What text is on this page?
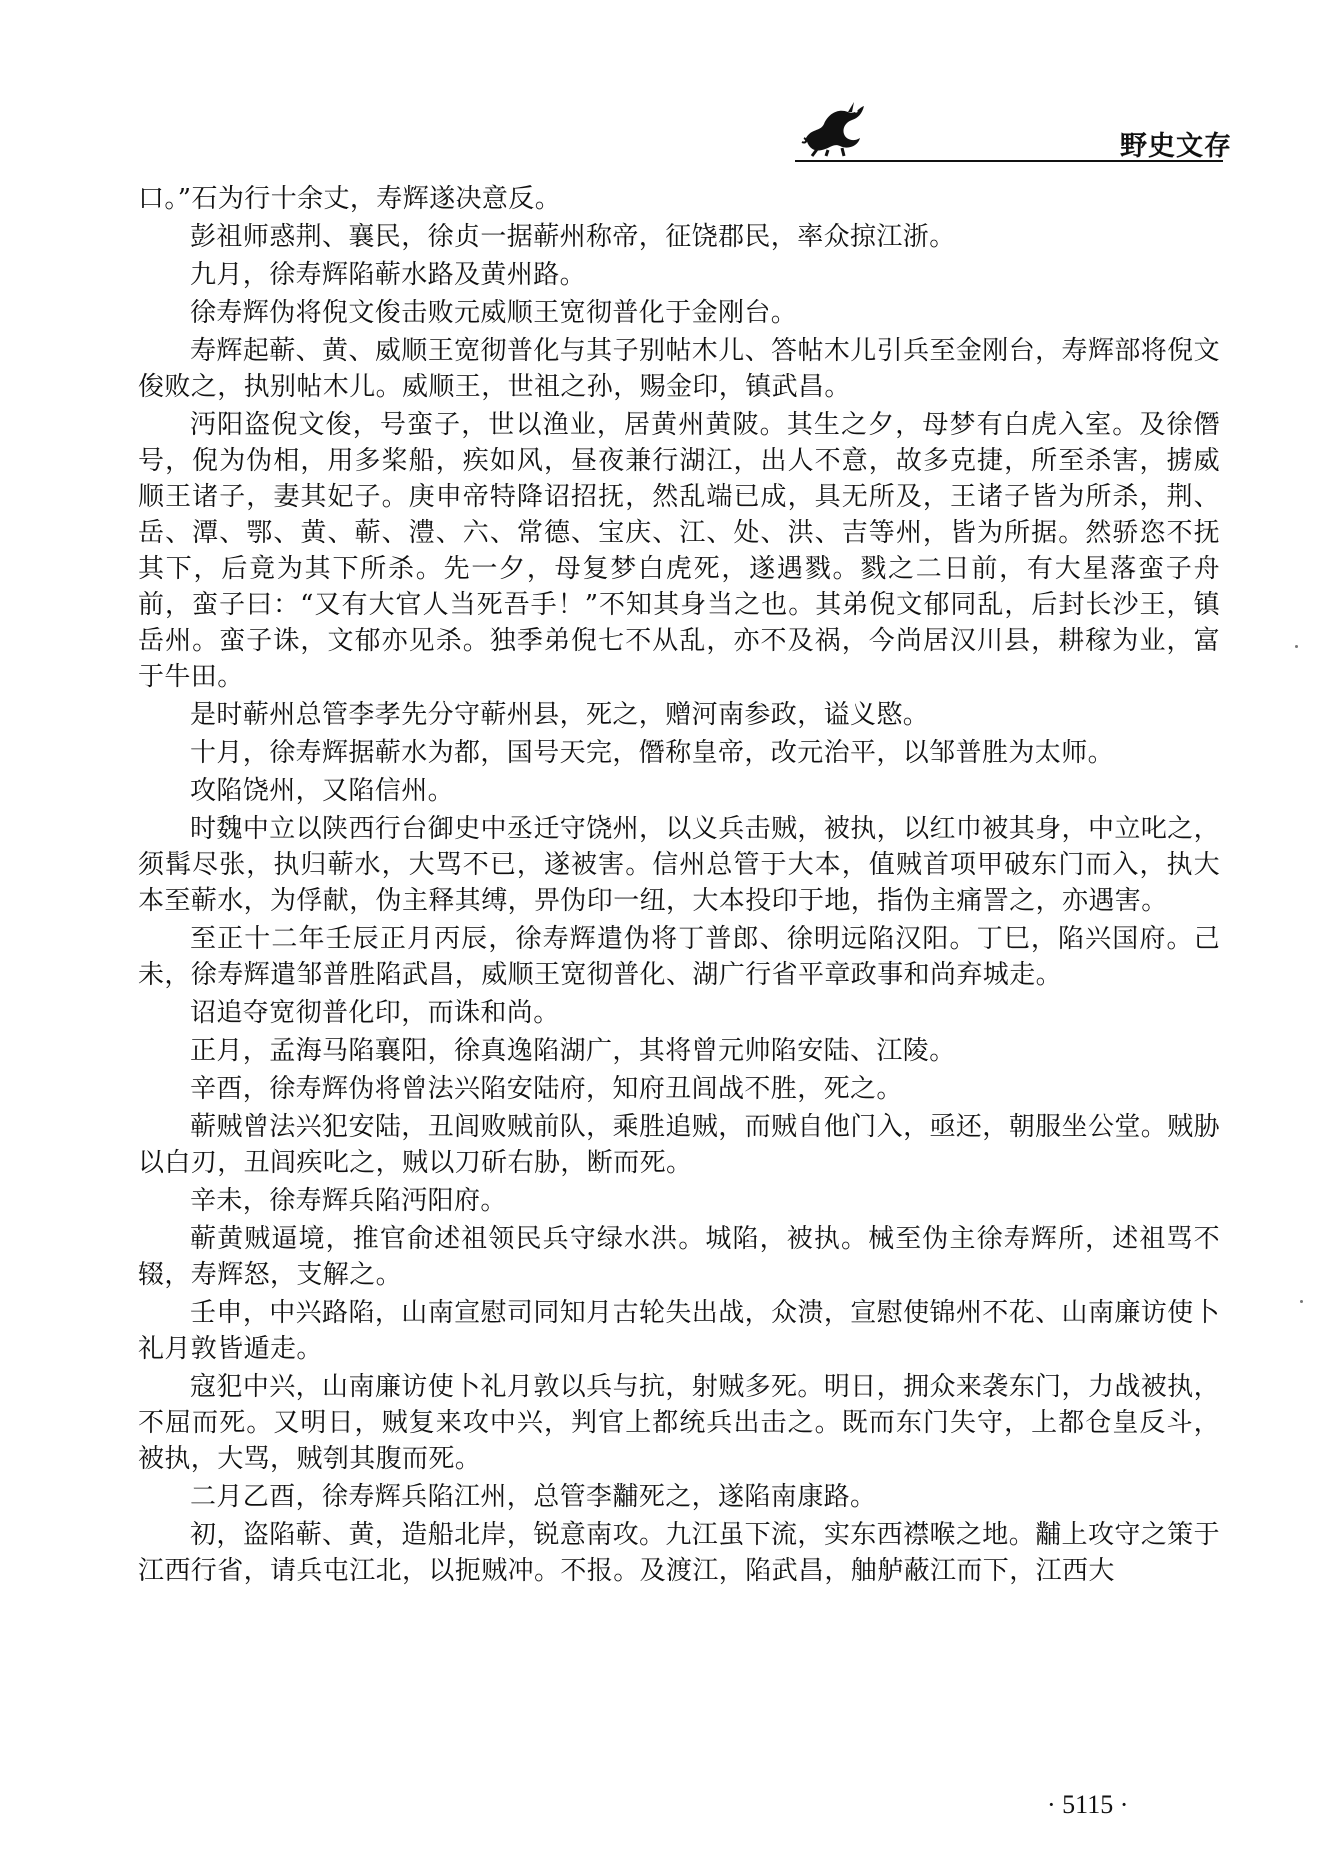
野史文存

口。”石为行十余丈，寿辉遂决意反。

彭祖师惑荆、襄民，徐贞一据蕲州称帝，征饶郡民，率众掠江浙。

九月，徐寿辉陷蕲水路及黄州路。

徐寿辉伪将倪文俊击败元威顺王宽彻普化于金刚台。

寿辉起蕲、黄、威顺王宽彻普化与其子别帖木儿、答帖木儿引兵至金刚台，寿辉部将倪文俊败之，执别帖木儿。威顺王，世祖之孙，赐金印，镇武昌。

沔阳盗倪文俊，号蛮子，世以渔业，居黄州黄陂。其生之夕，母梦有白虎入室。及徐僭号，倪为伪相，用多桨船，疾如风，昼夜兼行湖江，出人不意，故多克捷，所至杀害，掳威顺王诸子，妻其妃子。庚申帝特降诏招抚，然乱端已成，具无所及，王诸子皆为所杀，荆、岳、潭、鄂、黄、蕲、澧、六、常德、宝庆、江、处、洪、吉等州，皆为所据。然骄恣不抚其下，后竟为其下所杀。先一夕，母复梦白虎死，遂遇戮。戮之二日前，有大星落蛮子舟前，蛮子曰：“又有大官人当死吾手！”不知其身当之也。其弟倪文郁同乱，后封长沙王，镇岳州。蛮子诛，文郁亦见杀。独季弟倪七不从乱，亦不及祸，今尚居汉川县，耕稼为业，富于牛田。

是时蕲州总管李孝先分守蕲州县，死之，赠河南参政，谥义愍。

十月，徐寿辉据蕲水为都，国号天完，僭称皇帝，改元治平，以邹普胜为太师。

攻陷饶州，又陷信州。

时魏中立以陕西行台御史中丞迁守饶州，以义兵击贼，被执，以红巾被其身，中立叱之，须髯尽张，执归蕲水，大骂不已，遂被害。信州总管于大本，值贼首项甲破东门而入，执大本至蕲水，为俘献，伪主释其缚，畀伪印一纽，大本投印于地，指伪主痛詈之，亦遇害。

至正十二年壬辰正月丙辰，徐寿辉遣伪将丁普郎、徐明远陷汉阳。丁巳，陷兴国府。己未，徐寿辉遣邹普胜陷武昌，威顺王宽彻普化、湖广行省平章政事和尚弃城走。

诏追夺宽彻普化印，而诛和尚。

正月，孟海马陷襄阳，徐真逸陷湖广，其将曾元帅陷安陆、江陵。

辛酉，徐寿辉伪将曾法兴陷安陆府，知府丑闾战不胜，死之。

蕲贼曾法兴犯安陆，丑闾败贼前队，乘胜追贼，而贼自他门入，亟还，朝服坐公堂。贼胁以白刃，丑闾疾叱之，贼以刀斫右胁，断而死。

辛未，徐寿辉兵陷沔阳府。

蕲黄贼逼境，推官俞述祖领民兵守绿水洪。城陷，被执。械至伪主徐寿辉所，述祖骂不辍，寿辉怒，支解之。

壬申，中兴路陷，山南宣慰司同知月古轮失出战，众溃，宣慰使锦州不花、山南廉访使卜礼月敦皆遁走。

寇犯中兴，山南廉访使卜礼月敦以兵与抗，射贼多死。明日，拥众来袭东门，力战被执，不屈而死。又明日，贼复来攻中兴，判官上都统兵出击之。既而东门失守，上都仓皇反斗，被执，大骂，贼刳其腹而死。

二月乙酉，徐寿辉兵陷江州，总管李黼死之，遂陷南康路。

初，盗陷蕲、黄，造船北岸，锐意南攻。九江虽下流，实东西襟喉之地。黼上攻守之策于江西行省，请兵屯江北，以扼贼冲。不报。及渡江，陷武昌，舳舻蔽江而下，江西大

· 5115 ·
